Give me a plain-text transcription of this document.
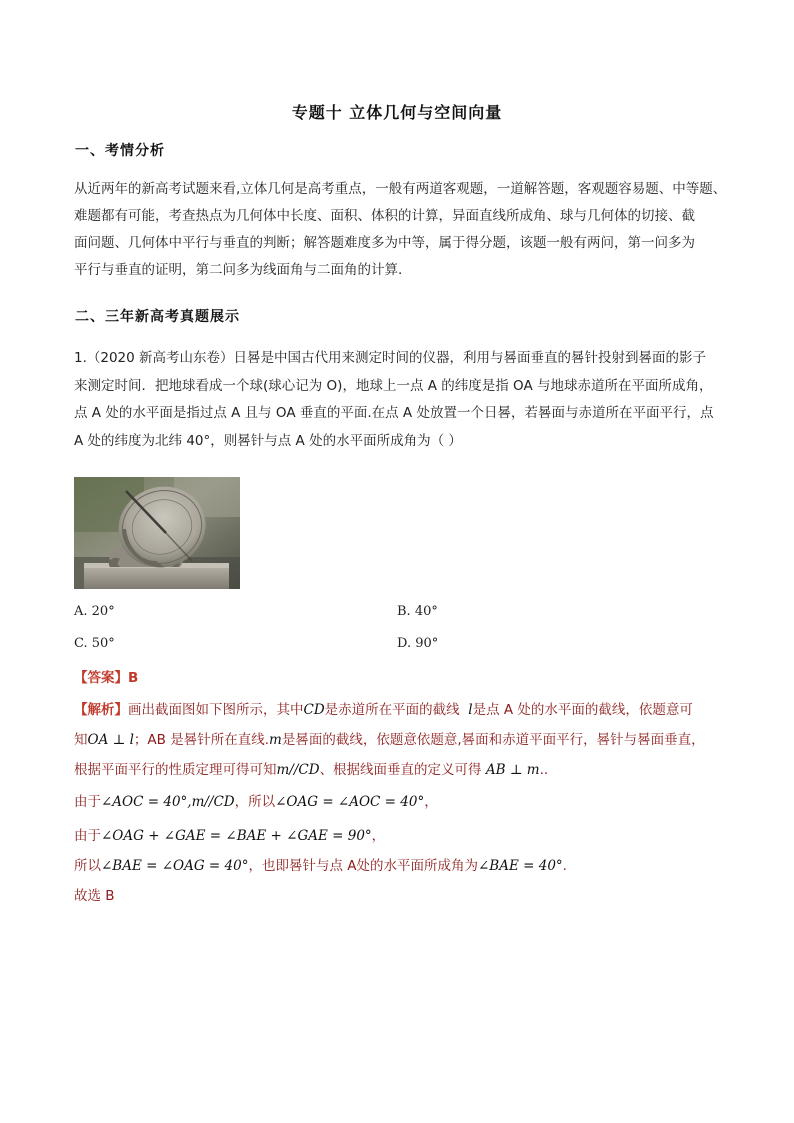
专题十 立体几何与空间向量
一、考情分析
从近两年的新高考试题来看,立体几何是高考重点，一般有两道客观题，一道解答题，客观题容易题、中等题、
难题都有可能，考查热点为几何体中长度、面积、体积的计算，异面直线所成角、球与几何体的切接、截
面问题、几何体中平行与垂直的判断；解答题难度多为中等，属于得分题，该题一般有两问，第一问多为
平行与垂直的证明，第二问多为线面角与二面角的计算.
二、三年新高考真题展示
1.（2020 新高考山东卷）日晷是中国古代用来测定时间的仪器，利用与晷面垂直的晷针投射到晷面的影子
来测定时间．把地球看成一个球(球心记为 O)，地球上一点 A 的纬度是指 OA 与地球赤道所在平面所成角，
点 A 处的水平面是指过点 A 且与 OA 垂直的平面.在点 A 处放置一个日晷，若晷面与赤道所在平面平行，点
A 处的纬度为北纬 40°，则晷针与点 A 处的水平面所成角为（ ）
A. 20°	B. 40°
C. 50°	D. 90°
【答案】B
【解析】画出截面图如下图所示，其中CD是赤道所在平面的截线 l是点 A 处的水平面的截线，依题意可
知OA ⊥ l；AB 是晷针所在直线.m是晷面的截线，依题意依题意,晷面和赤道平面平行，晷针与晷面垂直，
根据平面平行的性质定理可得可知m//CD、根据线面垂直的定义可得 AB ⊥ m..
由于∠AOC = 40°,m//CD，所以∠OAG = ∠AOC = 40°，
由于∠OAG + ∠GAE = ∠BAE + ∠GAE = 90°，
所以∠BAE = ∠OAG = 40°，也即晷针与点 A处的水平面所成角为∠BAE = 40°.
故选 B
